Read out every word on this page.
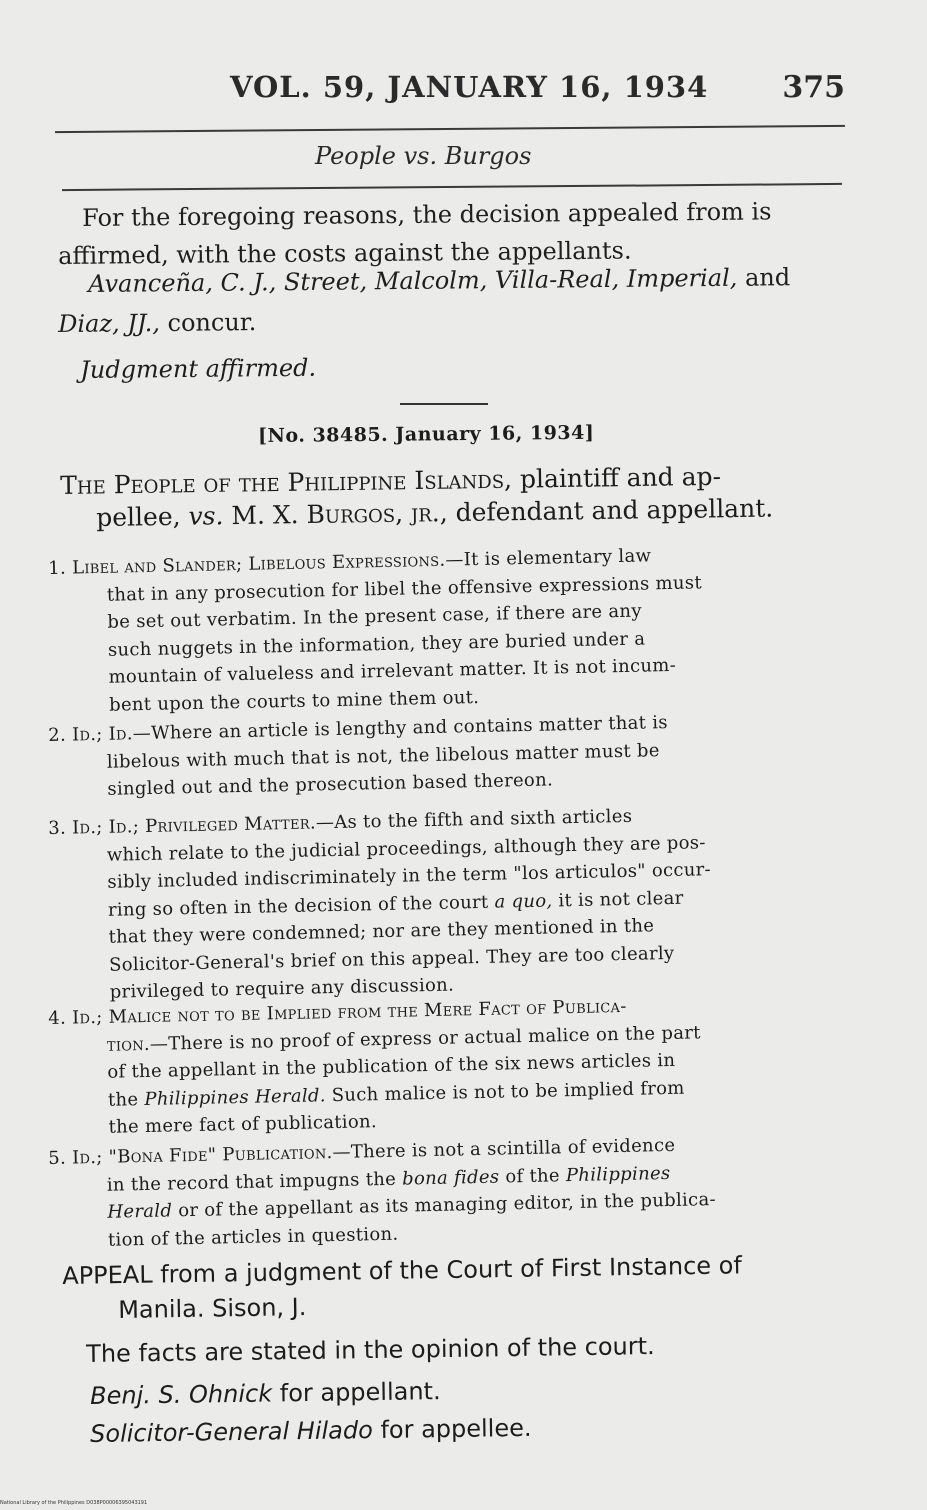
VOL. 59, JANUARY 16, 1934 375
People vs. Burgos
For the foregoing reasons, the decision appealed from is
affirmed, with the costs against the appellants.
Avanceña, C. J., Street, Malcolm, Villa-Real, Imperial, and
Diaz, JJ., concur.
Judgment affirmed.
[No. 38485. January 16, 1934]
The People of the Philippine Islands, plaintiff and ap-
pellee, vs. M. X. Burgos, jr., defendant and appellant.
1. Libel and Slander; Libelous Expressions.—It is elementary law
that in any prosecution for libel the offensive expressions must
be set out verbatim. In the present case, if there are any
such nuggets in the information, they are buried under a
mountain of valueless and irrelevant matter. It is not incum-
bent upon the courts to mine them out.
2. Id.; Id.—Where an article is lengthy and contains matter that is
libelous with much that is not, the libelous matter must be
singled out and the prosecution based thereon.
3. Id.; Id.; Privileged Matter.—As to the fifth and sixth articles
which relate to the judicial proceedings, although they are pos-
sibly included indiscriminately in the term "los articulos" occur-
ring so often in the decision of the court a quo, it is not clear
that they were condemned; nor are they mentioned in the
Solicitor-General's brief on this appeal. They are too clearly
privileged to require any discussion.
4. Id.; Malice not to be Implied from the Mere Fact of Publica-
tion.—There is no proof of express or actual malice on the part
of the appellant in the publication of the six news articles in
the Philippines Herald. Such malice is not to be implied from
the mere fact of publication.
5. Id.; "Bona Fide" Publication.—There is not a scintilla of evidence
in the record that impugns the bona fides of the Philippines
Herald or of the appellant as its managing editor, in the publica-
tion of the articles in question.
APPEAL from a judgment of the Court of First Instance of
Manila. Sison, J.
The facts are stated in the opinion of the court.
Benj. S. Ohnick for appellant.
Solicitor-General Hilado for appellee.
National Library of the Philippines D038P00006395043191
